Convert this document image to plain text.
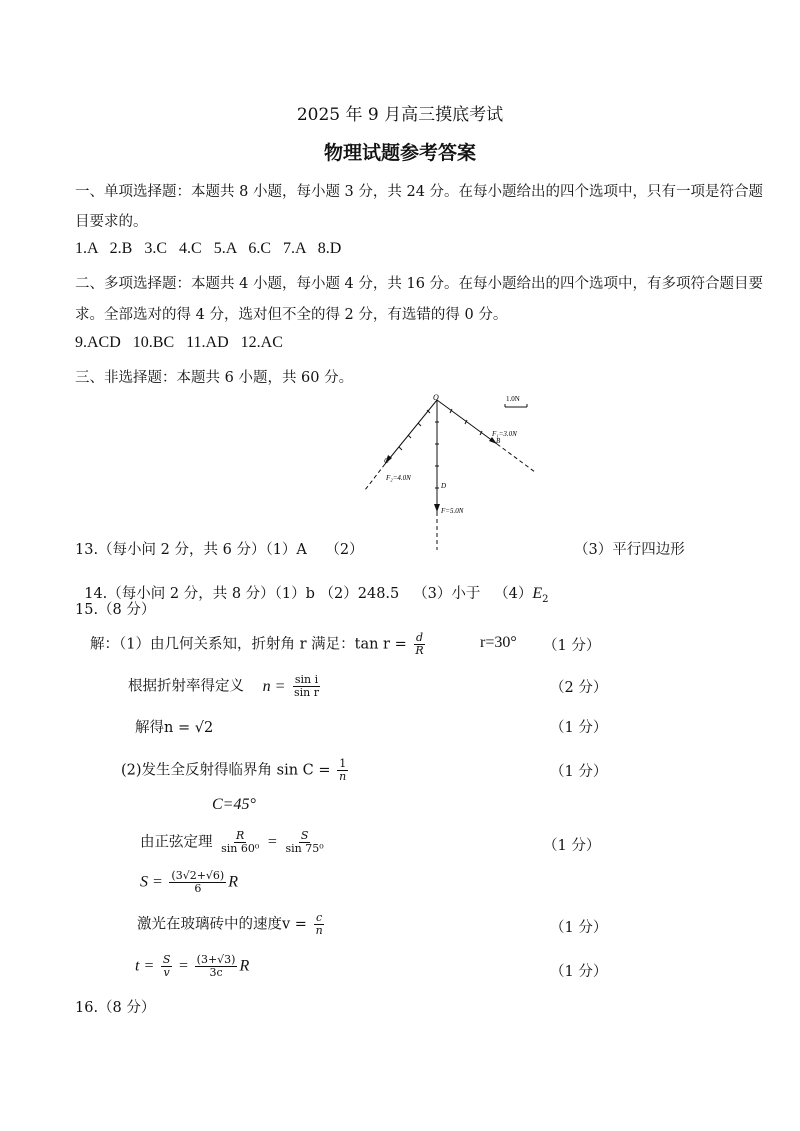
2025 年 9 月高三摸底考试
物理试题参考答案
一、单项选择题：本题共 8 小题，每小题 3 分，共 24 分。在每小题给出的四个选项中，只有一项是符合题
目要求的。
1.A   2.B   3.C   4.C   5.A   6.C   7.A   8.D
二、多项选择题：本题共 4 小题，每小题 4 分，共 16 分。在每小题给出的四个选项中，有多项符合题目要
求。全部选对的得 4 分，选对但不全的得 2 分，有选错的得 0 分。
9.ACD   10.BC   11.AD   12.AC
三、非选择题：本题共 6 小题，共 60 分。
1.0N
O
F₁=3.0N
B
C
F₂=4.0N
D
F=5.0N
13.（每小问 2 分，共 6 分）（1）A    （2）	（3）平行四边形

14.（每小问 2 分，共 8 分）（1）b （2）248.5   （3）小于   $(4)E_2$

15.（8 分）
解：（1）由几何关系知，折射角 r 满足：$\tan r = \frac{d}{R}$	r=30° （1 分）
根据折射率得定义 $n = \frac{\text{sin i}}{\text{sin r}}$	（2 分）
解得n = √2	（1 分）
(2)发生全反射得临界角 $\sin C = \frac{1}{n}$	（1 分）
C=45°
由正弦定理 $\frac{R}{\text{sin 60⁰}} = \frac{S}{\text{sin 75⁰}}$	（1 分）
$S = \frac{(3√2+√6)}{6}$ R
激光在玻璃砖中的速度$v = \frac{c}{n}$	（1 分）
$t = \frac{S}{v} = \frac{(3+√3)}{3c}$ R	（1 分）
16.（8 分）
